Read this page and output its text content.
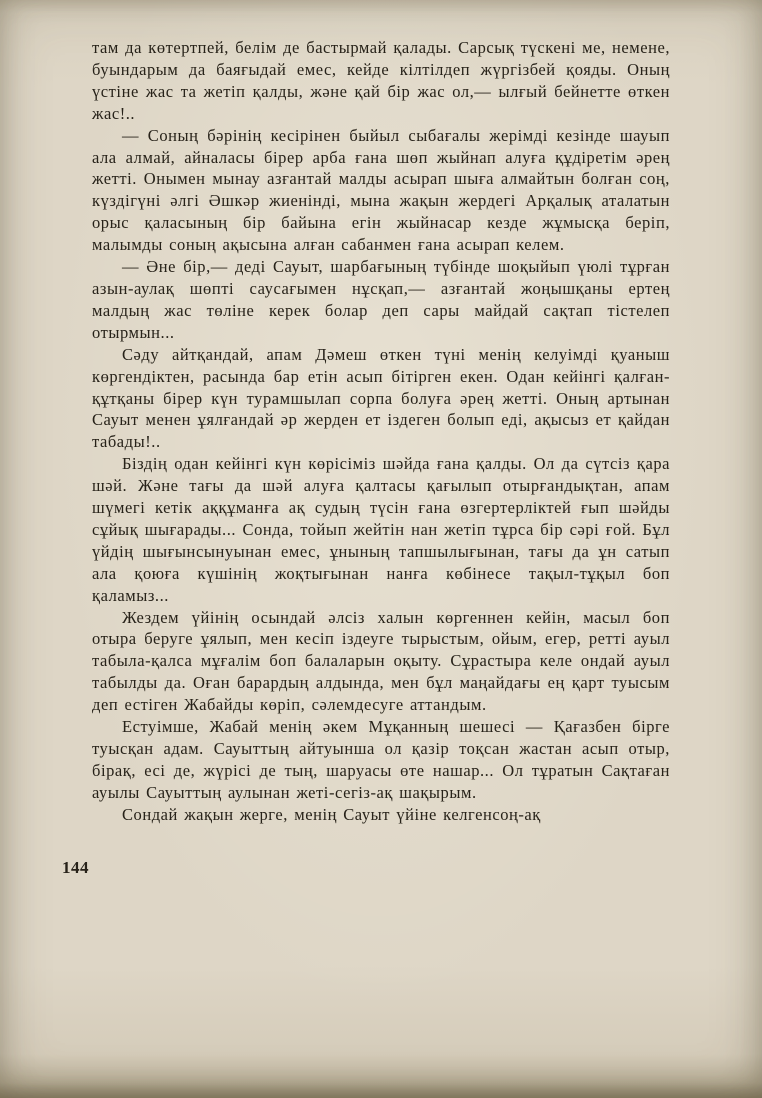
там да көтертпей, белім де бастырмай қалады. Сарсық түскені ме, немене, буындарым да баяғыдай емес, кейде кілтілдеп жүргізбей қояды. Оның үстіне жас та жетіп қалды, және қай бір жас ол,— ылғый бейнетте өткен жас!..

— Соның бәрінің кесірінен быйыл сыбағалы жерімді кезінде шауып ала алмай, айналасы бірер арба ғана шөп жыйнап алуға құдіретім әрең жетті. Онымен мынау азғантай малды асырап шыға алмайтын болған соң, күздігүні әлгі Әшкәр жиенінді, мына жақын жердегі Арқалық аталатын орыс қаласының бір байына егін жыйнасар кезде жұмысқа беріп, малымды соның ақысына алған сабанмен ғана асырап келем.

— Әне бір,— деді Сауыт, шарбағының түбінде шоқыйып үюлі тұрған азын-аулақ шөпті саусағымен нұсқап,— азғантай жоңышқаны ертең малдың жас төліне керек болар деп сары майдай сақтап тістелеп отырмын...

Сәду айтқандай, апам Дәмеш өткен түні менің келуімді қуаныш көргендіктен, расында бар етін асып бітірген екен. Одан кейінгі қалған-құтқаны бірер күн турамшылап сорпа болуға әрең жетті. Оның артынан Сауыт менен ұялғандай әр жерден ет іздеген болып еді, ақысыз ет қайдан табады!..

Біздің одан кейінгі күн көрісіміз шәйда ғана қалды. Ол да сүтсіз қара шәй. Және тағы да шәй алуға қалтасы қағылып отырғандықтан, апам шүмегі кетік аққұманға ақ судың түсін ғана өзгертерліктей ғып шәйды сұйық шығарады... Сонда, тойып жейтін нан жетіп тұрса бір сәрі ғой. Бұл үйдің шығынсынуынан емес, ұнының тапшылығынан, тағы да ұн сатып ала қоюға күшінің жоқтығынан нанға көбінесе тақыл-тұқыл боп қаламыз...

Жездем үйінің осындай әлсіз халын көргеннен кейін, масыл боп отыра беруге ұялып, мен кесіп іздеуге тырыстым, ойым, егер, ретті ауыл табыла-қалса мұғалім боп балаларын оқыту. Сұрастыра келе ондай ауыл табылды да. Оған барардың алдында, мен бұл маңайдағы ең қарт туысым деп естіген Жабайды көріп, сәлемдесуге аттандым.

Естуімше, Жабай менің әкем Мұқанның шешесі — Қағазбен бірге туысқан адам. Сауыттың айтуынша ол қазір тоқсан жастан асып отыр, бірақ, есі де, жүрісі де тың, шаруасы өте нашар... Ол тұратын Сақтаған ауылы Сауыттың аулынан жеті-сегіз-ақ шақырым.

Сондай жақын жерге, менің Сауыт үйіне келгенсоң-ақ

144
